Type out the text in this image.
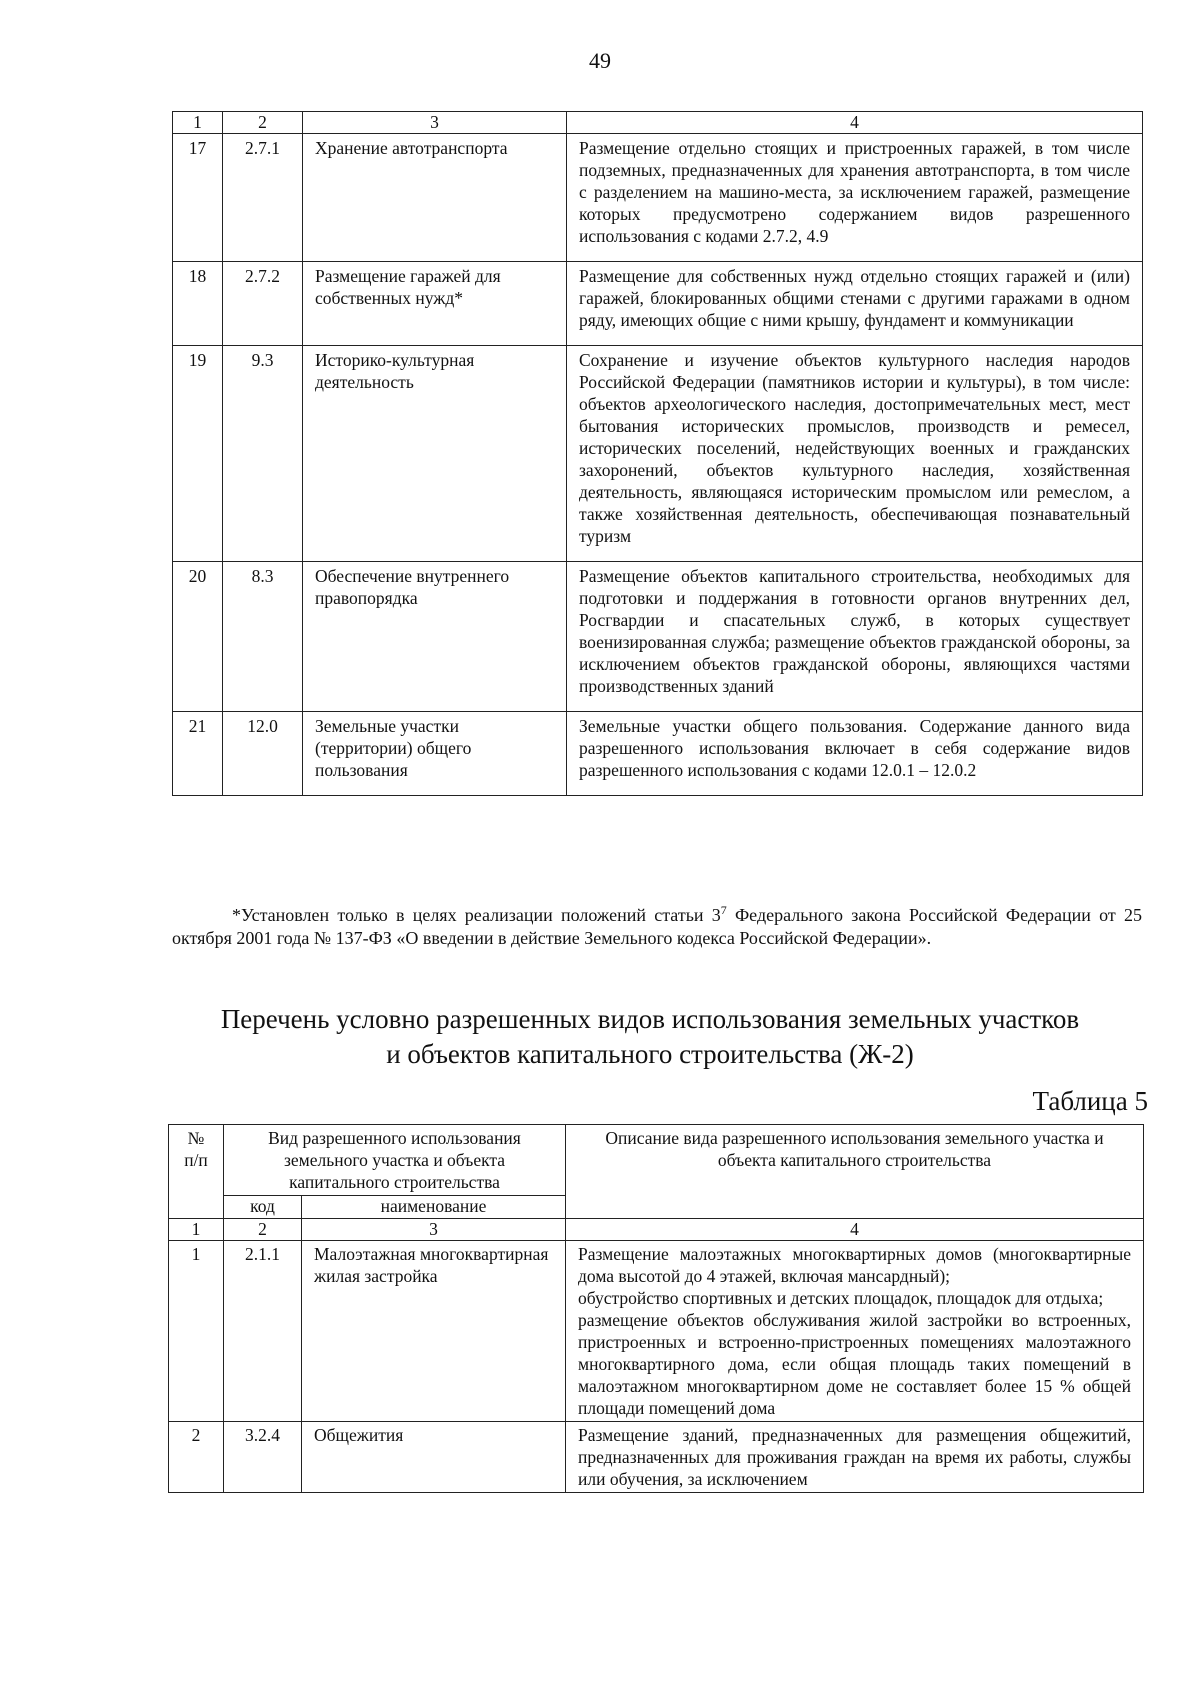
49
1	2	3	4
17	2.7.1	Хранение автотранспорта	Размещение отдельно стоящих и пристроенных гаражей, в том числе подземных, предназначенных для хранения автотранспорта, в том числе с разделением на машино-места, за исключением гаражей, размещение которых предусмотрено содержанием видов разрешенного использования с кодами 2.7.2, 4.9
18	2.7.2	Размещение гаражей для собственных нужд*	Размещение для собственных нужд отдельно стоящих гаражей и (или) гаражей, блокированных общими стенами с другими гаражами в одном ряду, имеющих общие с ними крышу, фундамент и коммуникации
19	9.3	Историко-культурная деятельность	Сохранение и изучение объектов культурного наследия народов Российской Федерации (памятников истории и культуры), в том числе: объектов археологического наследия, достопримечательных мест, мест бытования исторических промыслов, производств и ремесел, исторических поселений, недействующих военных и гражданских захоронений, объектов культурного наследия, хозяйственная деятельность, являющаяся историческим промыслом или ремеслом, а также хозяйственная деятельность, обеспечивающая познавательный туризм
20	8.3	Обеспечение внутреннего правопорядка	Размещение объектов капитального строительства, необходимых для подготовки и поддержания в готовности органов внутренних дел, Росгвардии и спасательных служб, в которых существует военизированная служба; размещение объектов гражданской обороны, за исключением объектов гражданской обороны, являющихся частями производственных зданий
21	12.0	Земельные участки (территории) общего пользования	Земельные участки общего пользования. Содержание данного вида разрешенного использования включает в себя содержание видов разрешенного использования с кодами 12.0.1 – 12.0.2

*Установлен только в целях реализации положений статьи $3^7$ Федерального закона Российской Федерации от 25 октября 2001 года № 137-ФЗ «О введении в действие Земельного кодекса Российской Федерации».

Перечень условно разрешенных видов использования земельных участков
и объектов капитального строительства (Ж-2)

Таблица 5

№ п/п	Вид разрешенного использования земельного участка и объекта капитального строительства		Описание вида разрешенного использования земельного участка и объекта капитального строительства
	код	наименование	
1	2	3	4
1	2.1.1	Малоэтажная многоквартирная жилая застройка	Размещение малоэтажных многоквартирных домов (многоквартирные дома высотой до 4 этажей, включая мансардный);
обустройство спортивных и детских площадок, площадок для отдыха;
размещение объектов обслуживания жилой застройки во встроенных, пристроенных и встроенно-пристроенных помещениях малоэтажного многоквартирного дома, если общая площадь таких помещений в малоэтажном многоквартирном доме не составляет более 15 % общей площади помещений дома

2	3.2.4	Общежития	Размещение зданий, предназначенных для размещения общежитий, предназначенных для проживания граждан на время их работы, службы или обучения, за исключением
